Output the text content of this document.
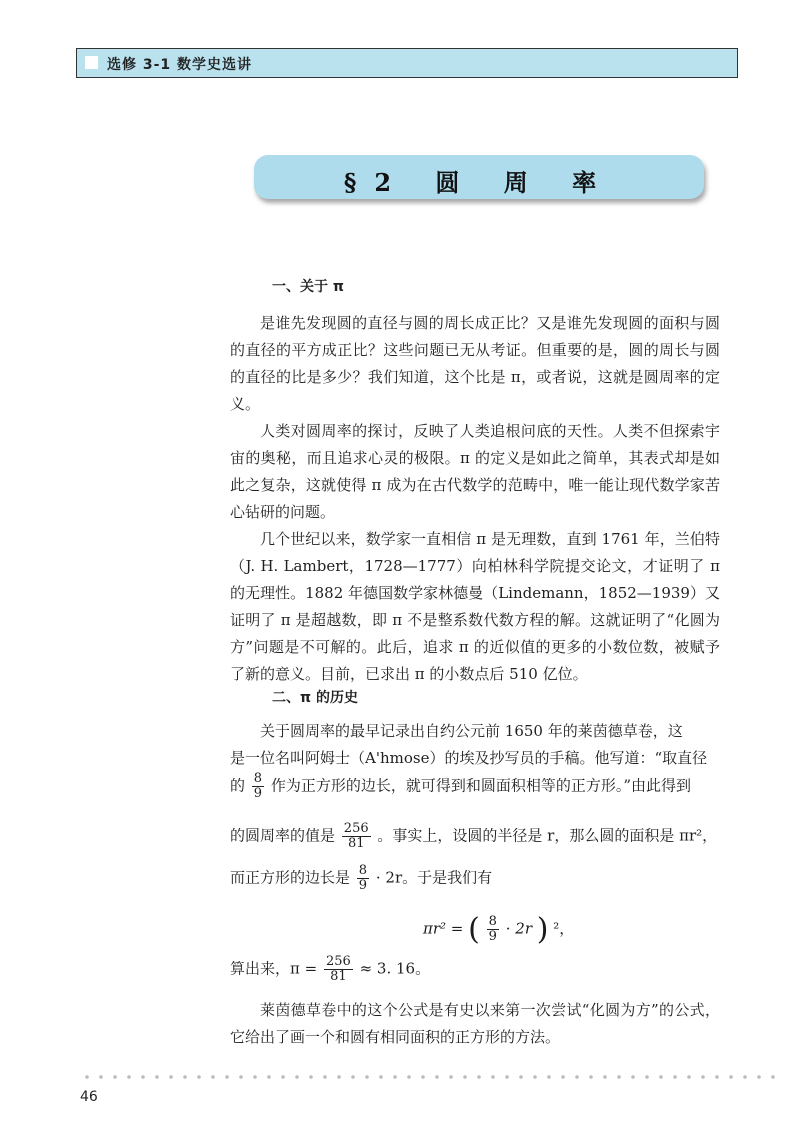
选修 3-1 数学史选讲
§2 圆 周 率
一、关于 π

是谁先发现圆的直径与圆的周长成正比？又是谁先发现圆的面积与圆的直径的平方成正比？这些问题已无从考证。但重要的是，圆的周长与圆的直径的比是多少？我们知道，这个比是 π，或者说，这就是圆周率的定义。

人类对圆周率的探讨，反映了人类追根问底的天性。人类不但探索宇宙的奥秘，而且追求心灵的极限。π 的定义是如此之简单，其表式却是如此之复杂，这就使得 π 成为在古代数学的范畴中，唯一能让现代数学家苦心钻研的问题。

几个世纪以来，数学家一直相信 π 是无理数，直到 1761 年，兰伯特（J. H. Lambert，1728—1777）向柏林科学院提交论文，才证明了 π 的无理性。1882 年德国数学家林德曼（Lindemann，1852—1939）又证明了 π 是超越数，即 π 不是整系数代数方程的解。这就证明了“化圆为方”问题是不可解的。此后，追求 π 的近似值的更多的小数位数，被赋予了新的意义。目前，已求出 π 的小数点后 510 亿位。

二、π 的历史
关于圆周率的最早记录出自约公元前 1650 年的莱茵德草卷，这
是一位名叫阿姆士（A'hmose）的埃及抄写员的手稿。他写道：“取直径
的 $\frac{8}{9}$ 作为正方形的边长，就可得到和圆面积相等的正方形。”由此得到
的圆周率的值是 $\frac{256}{81}$ 。事实上，设圆的半径是 r，那么圆的面积是 πr²，
而正方形的边长是 $\frac{8}{9} \cdot 2r$。于是我们有
πr² = ( $\frac{8}{9} \cdot 2r$ ) ²，
算出来，$\pi = \frac{256}{81} \approx 3$. 16。

莱茵德草卷中的这个公式是有史以来第一次尝试“化圆为方”的公式，它给出了画一个和圆有相同面积的正方形的方法。

46
